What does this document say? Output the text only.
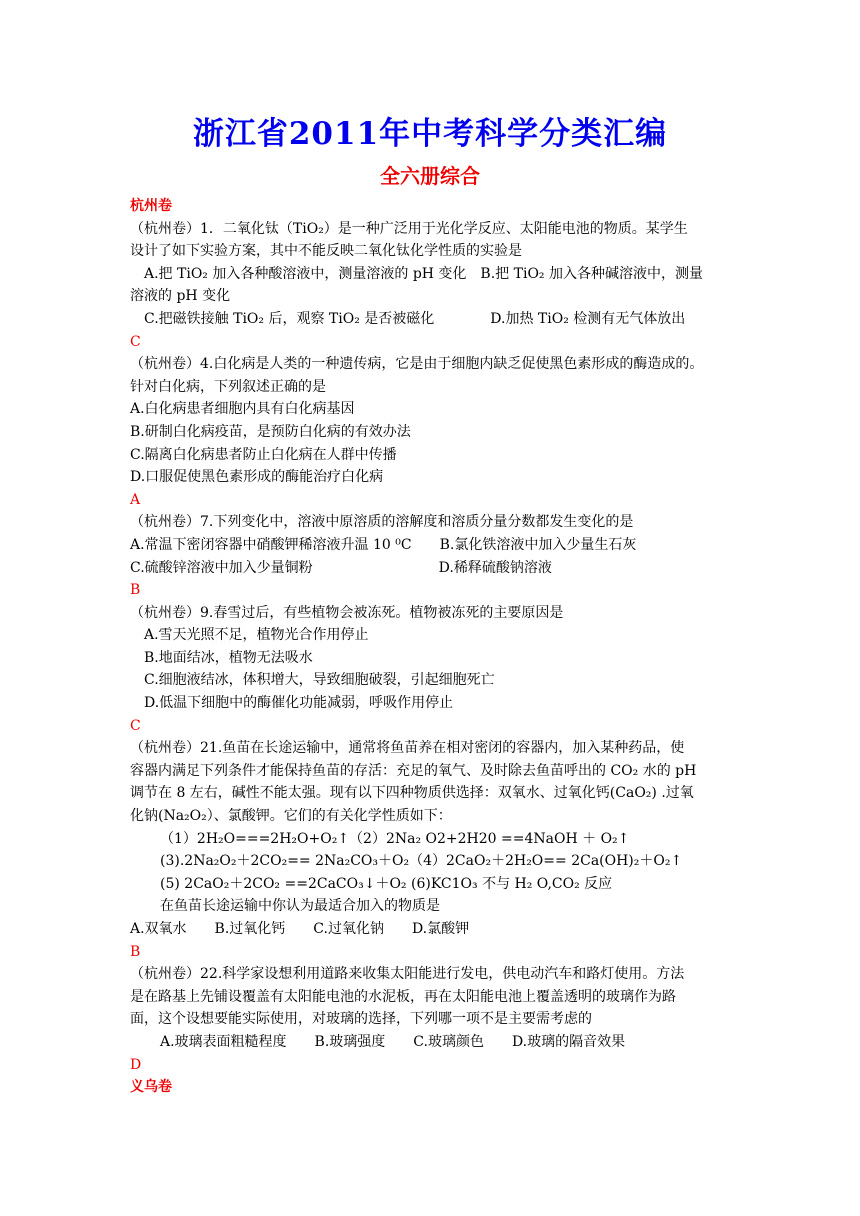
浙江省2011年中考科学分类汇编
全六册综合
杭州卷
（杭州卷）1．二氧化钛（TiO₂）是一种广泛用于光化学反应、太阳能电池的物质。某学生
设计了如下实验方案，其中不能反映二氧化钛化学性质的实验是
A.把 TiO₂ 加入各种酸溶液中，测量溶液的 pH 变化　B.把 TiO₂ 加入各种碱溶液中，测量
溶液的 pH 变化
C.把磁铁接触 TiO₂ 后，观察 TiO₂ 是否被磁化　　　　D.加热 TiO₂ 检测有无气体放出
C
（杭州卷）4.白化病是人类的一种遗传病，它是由于细胞内缺乏促使黑色素形成的酶造成的。
针对白化病，下列叙述正确的是
A.白化病患者细胞内具有白化病基因
B.研制白化病疫苗，是预防白化病的有效办法
C.隔离白化病患者防止白化病在人群中传播
D.口服促使黑色素形成的酶能治疗白化病
A
（杭州卷）7.下列变化中，溶液中原溶质的溶解度和溶质分量分数都发生变化的是
A.常温下密闭容器中硝酸钾稀溶液升温 10 ⁰C　　B.氯化铁溶液中加入少量生石灰
C.硫酸锌溶液中加入少量铜粉　　　　　　　　　D.稀释硫酸钠溶液
B
（杭州卷）9.春雪过后，有些植物会被冻死。植物被冻死的主要原因是
A.雪天光照不足，植物光合作用停止
B.地面结冰，植物无法吸水
C.细胞液结冰，体积增大，导致细胞破裂，引起细胞死亡
D.低温下细胞中的酶催化功能减弱，呼吸作用停止
C
（杭州卷）21.鱼苗在长途运输中，通常将鱼苗养在相对密闭的容器内，加入某种药品，使
容器内满足下列条件才能保持鱼苗的存活：充足的氧气、及时除去鱼苗呼出的 CO₂ 水的 pH
调节在 8 左右，碱性不能太强。现有以下四种物质供选择：双氧水、过氧化钙(CaO₂) .过氧
化钠(Na₂O₂）、氯酸钾。它们的有关化学性质如下：
（1）2H₂O===2H₂O+O₂↑（2）2Na₂ O2+2H20 ==4NaOH ＋ O₂↑
(3).2Na₂O₂＋2CO₂== 2Na₂CO₃＋O₂（4）2CaO₂＋2H₂O== 2Ca(OH)₂＋O₂↑
(5) 2CaO₂＋2CO₂ ==2CaCO₃↓＋O₂ (6)KC1O₃ 不与 H₂ O,CO₂ 反应
在鱼苗长途运输中你认为最适合加入的物质是
A.双氧水　　B.过氧化钙　　C.过氧化钠　　D.氯酸钾
B
（杭州卷）22.科学家设想利用道路来收集太阳能进行发电，供电动汽车和路灯使用。方法
是在路基上先铺设覆盖有太阳能电池的水泥板，再在太阳能电池上覆盖透明的玻璃作为路
面，这个设想要能实际使用，对玻璃的选择，下列哪一项不是主要需考虑的
A.玻璃表面粗糙程度　　B.玻璃强度　　C.玻璃颜色　　D.玻璃的隔音效果
D
义乌卷
